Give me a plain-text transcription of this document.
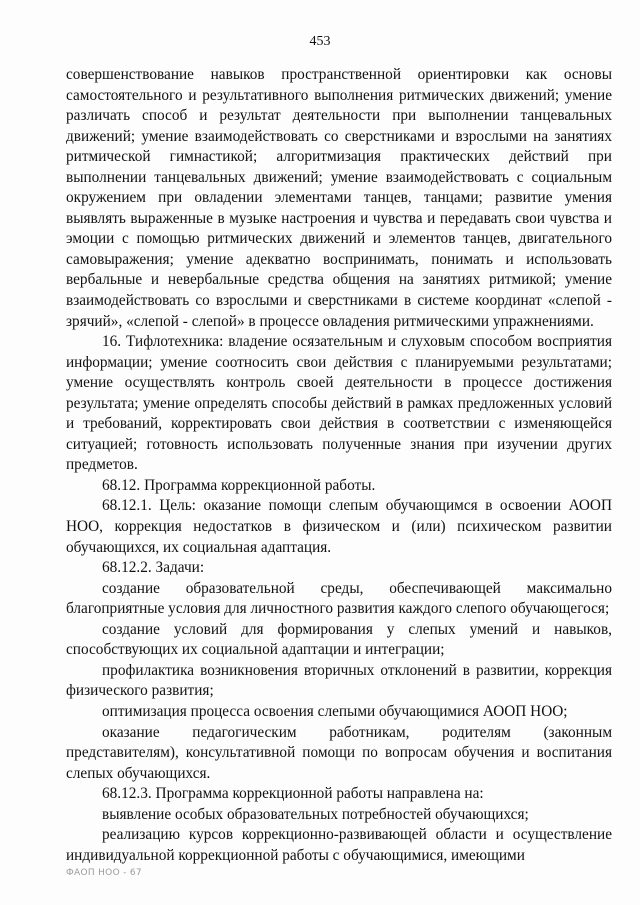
453

совершенствование навыков пространственной ориентировки как основы самостоятельного и результативного выполнения ритмических движений; умение различать способ и результат деятельности при выполнении танцевальных движений; умение взаимодействовать со сверстниками и взрослыми на занятиях ритмической гимнастикой; алгоритмизация практических действий при выполнении танцевальных движений; умение взаимодействовать с социальным окружением при овладении элементами танцев, танцами; развитие умения выявлять выраженные в музыке настроения и чувства и передавать свои чувства и эмоции с помощью ритмических движений и элементов танцев, двигательного самовыражения; умение адекватно воспринимать, понимать и использовать вербальные и невербальные средства общения на занятиях ритмикой; умение взаимодействовать со взрослыми и сверстниками в системе координат «слепой - зрячий», «слепой - слепой» в процессе овладения ритмическими упражнениями.

16. Тифлотехника: владение осязательным и слуховым способом восприятия информации; умение соотносить свои действия с планируемыми результатами; умение осуществлять контроль своей деятельности в процессе достижения результата; умение определять способы действий в рамках предложенных условий и требований, корректировать свои действия в соответствии с изменяющейся ситуацией; готовность использовать полученные знания при изучении других предметов.

68.12. Программа коррекционной работы.

68.12.1. Цель: оказание помощи слепым обучающимся в освоении АООП НОО, коррекция недостатков в физическом и (или) психическом развитии обучающихся, их социальная адаптация.

68.12.2. Задачи:

создание образовательной среды, обеспечивающей максимально благоприятные условия для личностного развития каждого слепого обучающегося;

создание условий для формирования у слепых умений и навыков, способствующих их социальной адаптации и интеграции;

профилактика возникновения вторичных отклонений в развитии, коррекция физического развития;

оптимизация процесса освоения слепыми обучающимися АООП НОО;

оказание педагогическим работникам, родителям (законным представителям), консультативной помощи по вопросам обучения и воспитания слепых обучающихся.

68.12.3. Программа коррекционной работы направлена на:

выявление особых образовательных потребностей обучающихся;

реализацию курсов коррекционно-развивающей области и осуществление индивидуальной коррекционной работы с обучающимися, имеющими

ФАОП НОО - 67
